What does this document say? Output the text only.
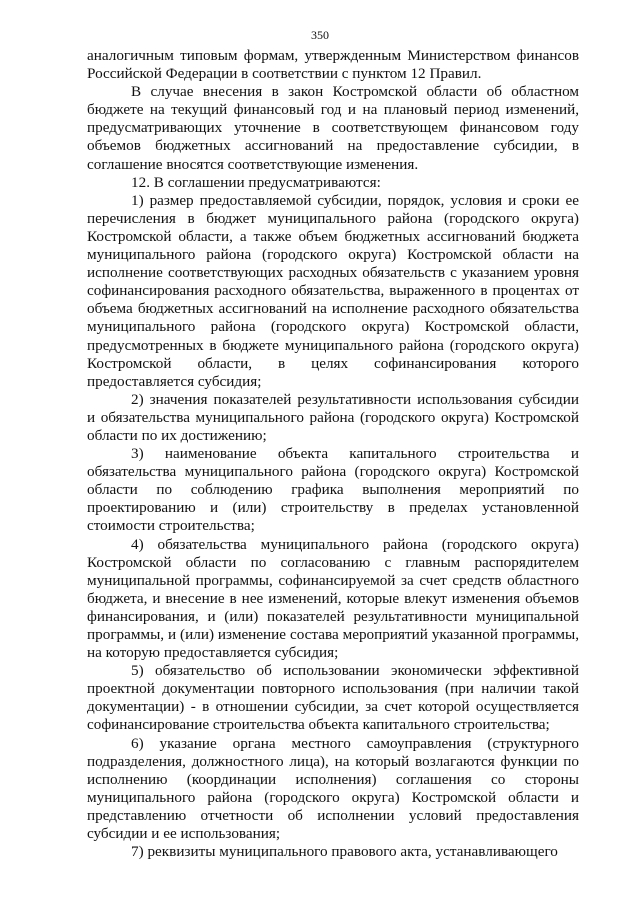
350

аналогичным типовым формам, утвержденным Министерством финансов Российской Федерации в соответствии с пунктом 12 Правил.

В случае внесения в закон Костромской области об областном бюджете на текущий финансовый год и на плановый период изменений, предусматривающих уточнение в соответствующем финансовом году объемов бюджетных ассигнований на предоставление субсидии, в соглашение вносятся соответствующие изменения.

12. В соглашении предусматриваются:

1) размер предоставляемой субсидии, порядок, условия и сроки ее перечисления в бюджет муниципального района (городского округа) Костромской области, а также объем бюджетных ассигнований бюджета муниципального района (городского округа) Костромской области на исполнение соответствующих расходных обязательств с указанием уровня софинансирования расходного обязательства, выраженного в процентах от объема бюджетных ассигнований на исполнение расходного обязательства муниципального района (городского округа) Костромской области, предусмотренных в бюджете муниципального района (городского округа) Костромской области, в целях софинансирования которого предоставляется субсидия;

2) значения показателей результативности использования субсидии и обязательства муниципального района (городского округа) Костромской области по их достижению;

3) наименование объекта капитального строительства и обязательства муниципального района (городского округа) Костромской области по соблюдению графика выполнения мероприятий по проектированию и (или) строительству в пределах установленной стоимости строительства;

4) обязательства муниципального района (городского округа) Костромской области по согласованию с главным распорядителем муниципальной программы, софинансируемой за счет средств областного бюджета, и внесение в нее изменений, которые влекут изменения объемов финансирования, и (или) показателей результативности муниципальной программы, и (или) изменение состава мероприятий указанной программы, на которую предоставляется субсидия;

5) обязательство об использовании экономически эффективной проектной документации повторного использования (при наличии такой документации) - в отношении субсидии, за счет которой осуществляется софинансирование строительства объекта капитального строительства;

6) указание органа местного самоуправления (структурного подразделения, должностного лица), на который возлагаются функции по исполнению (координации исполнения) соглашения со стороны муниципального района (городского округа) Костромской области и представлению отчетности об исполнении условий предоставления субсидии и ее использования;

7) реквизиты муниципального правового акта, устанавливающего
